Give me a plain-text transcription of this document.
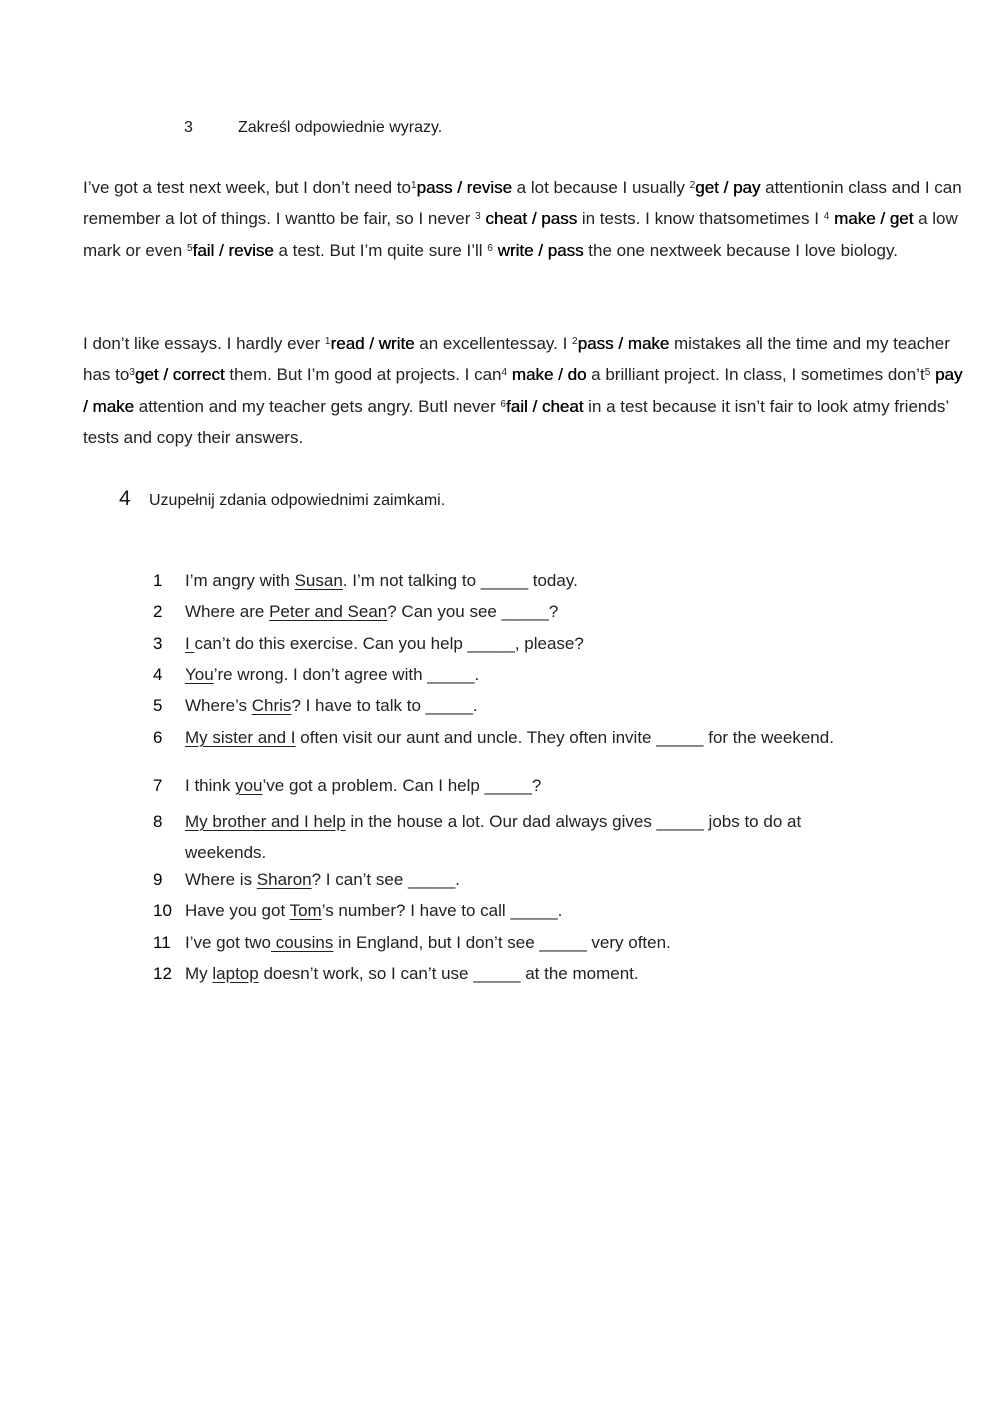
3	Zakreśl odpowiednie wyrazy.

I’ve got a test next week, but I don’t need $to^1pass$ / revise a lot because I usually $^2$get / pay attentionin class and I can remember a lot of things. I wantto be fair, so I never $^3$ cheat / pass in tests. I know thatsometimes I $^4$ make / get a low mark or even $^5$fail / revise a test. But I’m quite sure I’ll $^6$ write / pass the one nextweek because I love biology.

I don’t like essays. I hardly ever $^1$read / write an excellentessay. I $^2$pass / make mistakes all the time and my teacher has $to^3get$ / correct them. But I’m good at projects. I can$^4$ make / do a brilliant project. In class, I sometimes $don’t^5$ pay / make attention and my teacher gets angry. ButI never $^6$fail / cheat in a test because it isn’t fair to look atmy friends’ tests and copy their answers.

4 Uzupełnij zdania odpowiednimi zaimkami.
1	I’m angry with Susan. I’m not talking to _____ today.
2	Where are Peter and Sean? Can you see _____?
3	I can’t do this exercise. Can you help _____, please?
4	You’re wrong. I don’t agree with _____.
5	Where’s Chris? I have to talk to _____.
6	My sister and I often visit our aunt and uncle. They often invite _____ for the weekend.
7	I think you’ve got a problem. Can I help _____?
8	My brother and I help in the house a lot. Our dad always gives _____ jobs to do at weekends.
9	Where is Sharon? I can’t see _____.
10 Have you got Tom’s number? I have to call _____.
11 I’ve got two cousins in England, but I don’t see _____ very often.
12 My laptop doesn’t work, so I can’t use _____ at the moment.
